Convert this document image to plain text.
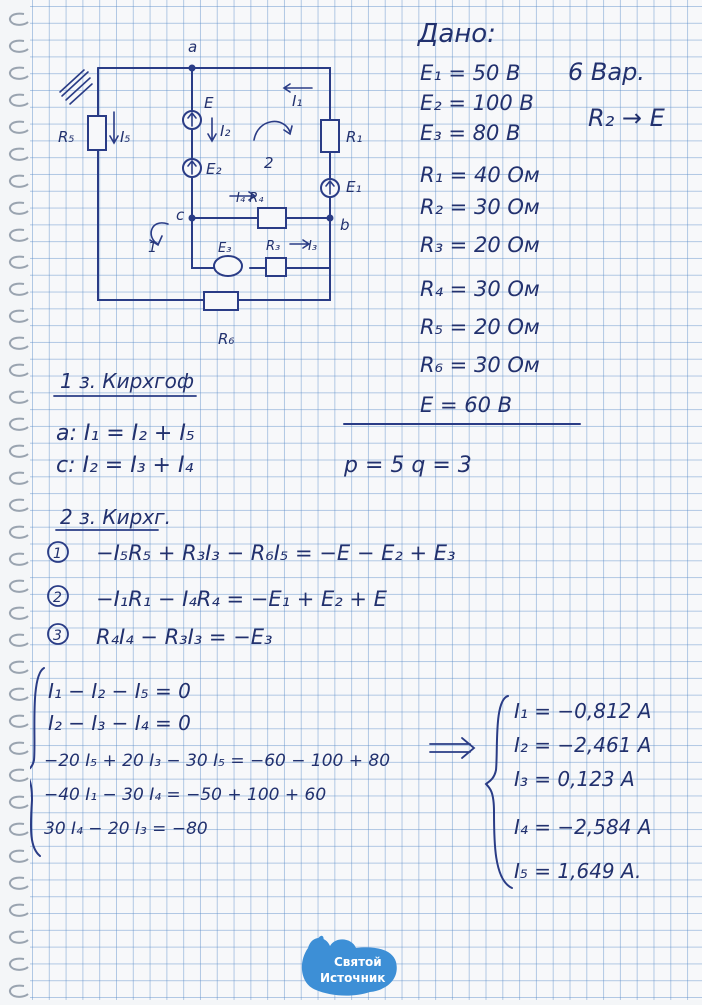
a
c
b
R₅	I₅
E
I₂
I₁
R₁
E₂	2
E₁
I₄ R₄
1	E₃	R₃ I₃
R₆
Дано:
E₁ = 50 В
E₂ = 100 В
E₃ = 80 В
R₁ = 40 Ом
R₂ = 30 Ом
R₃ = 20 Ом
R₄ = 30 Ом
R₅ = 20 Ом
R₆ = 30 Ом
E = 60 В
6 Вар.
R₂ → E
1 з. Кирхгоф
a: I₁ = I₂ + I₅
c: I₂ = I₃ + I₄	p = 5 q = 3
2 з. Кирхг.
1 −I₅R₅ + R₃I₃ − R₆I₅ = −E − E₂ + E₃
2 −I₁R₁ − I₄R₄ = −E₁ + E₂ + E
3 R₄I₄ − R₃I₃ = −E₃
I₁ − I₂ − I₅ = 0
I₂ − I₃ − I₄ = 0
−20 I₅ + 20 I₃ − 30 I₅ = −60 − 100 + 80
−40 I₁ − 30 I₄ = −50 + 100 + 60
30 I₄ − 20 I₃ = −80
I₁ = −0,812 A
I₂ = −2,461 A
I₃ = 0,123 A
I₄ = −2,584 A
I₅ = 1,649 A.
Святой
Источник
